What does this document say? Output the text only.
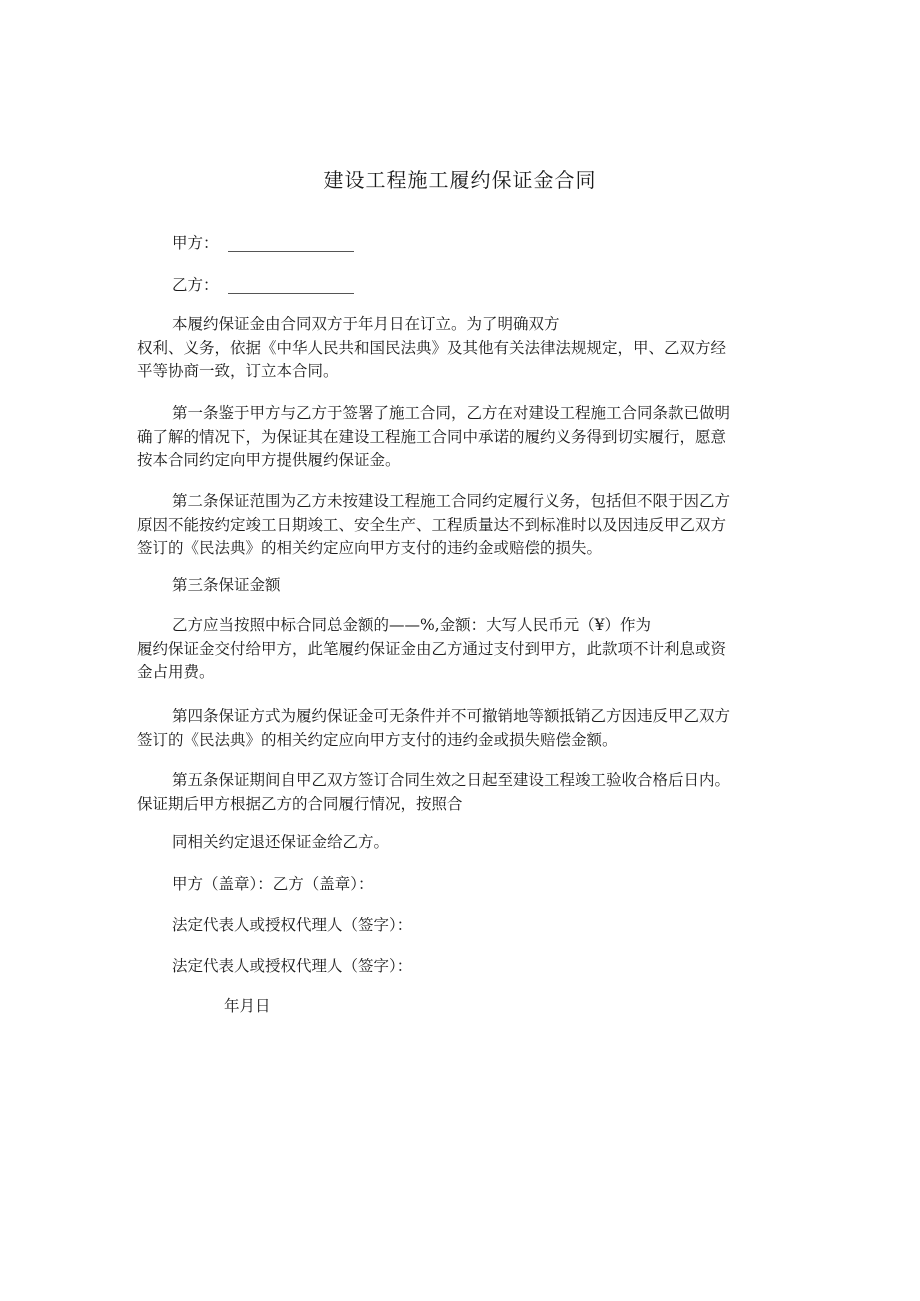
建设工程施工履约保证金合同
甲方：
乙方：

本履约保证金由合同双方于年月日在订立。为了明确双方
权利、义务，依据《中华人民共和国民法典》及其他有关法律法规规定，甲、乙双方经
平等协商一致，订立本合同。

第一条鉴于甲方与乙方于签署了施工合同，乙方在对建设工程施工合同条款已做明
确了解的情况下，为保证其在建设工程施工合同中承诺的履约义务得到切实履行，愿意
按本合同约定向甲方提供履约保证金。

第二条保证范围为乙方未按建设工程施工合同约定履行义务，包括但不限于因乙方
原因不能按约定竣工日期竣工、安全生产、工程质量达不到标准时以及因违反甲乙双方
签订的《民法典》的相关约定应向甲方支付的违约金或赔偿的损失。

第三条保证金额

乙方应当按照中标合同总金额的——%,金额：大写人民币元（¥）作为
履约保证金交付给甲方，此笔履约保证金由乙方通过支付到甲方，此款项不计利息或资
金占用费。

第四条保证方式为履约保证金可无条件并不可撤销地等额抵销乙方因违反甲乙双方
签订的《民法典》的相关约定应向甲方支付的违约金或损失赔偿金额。

第五条保证期间自甲乙双方签订合同生效之日起至建设工程竣工验收合格后日内。
保证期后甲方根据乙方的合同履行情况，按照合

同相关约定退还保证金给乙方。
甲方（盖章）：乙方（盖章）：
法定代表人或授权代理人（签字）：
法定代表人或授权代理人（签字）：
年月日
